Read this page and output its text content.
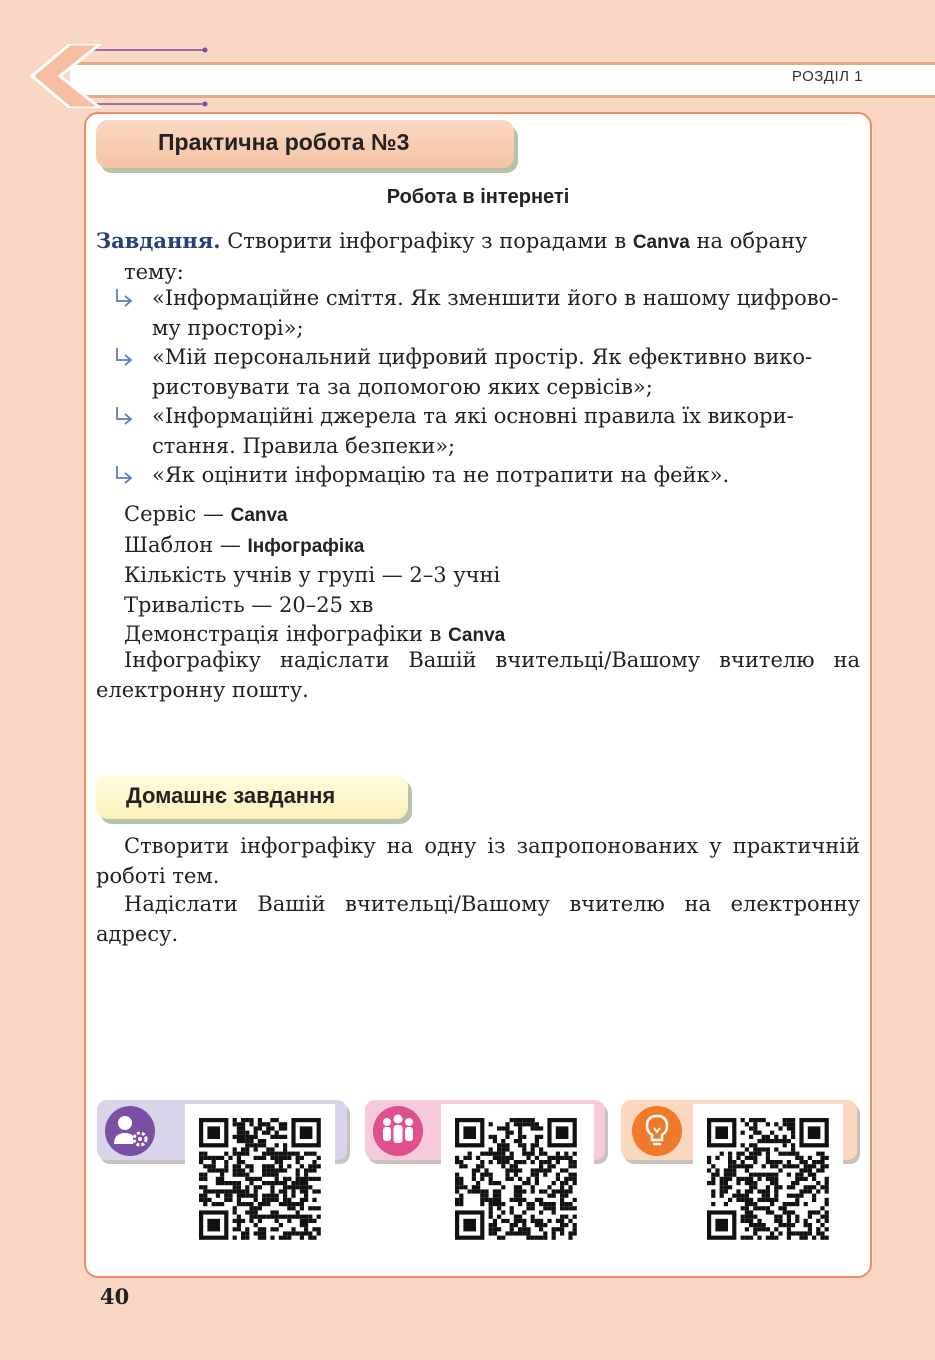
РОЗДІЛ 1
Практична робота №3
Робота в інтернеті
Завдання. Створити інфографіку з порадами в Canva на обрану
тему:
«Інформаційне сміття. Як зменшити його в нашому цифрово-
му просторі»;
«Мій персональний цифровий простір. Як ефективно вико-
ристовувати та за допомогою яких сервісів»;
«Інформаційні джерела та які основні правила їх викори-
стання. Правила безпеки»;
«Як оцінити інформацію та не потрапити на фейк».
Сервіс — Canva
Шаблон — Інфографіка
Кількість учнів у групі — 2–3 учні
Тривалість — 20–25 хв
Демонстрація інфографіки в Canva
Інфографіку надіслати Вашій вчительці/Вашому вчителю на електронну пошту.
Домашнє завдання
Створити інфографіку на одну із запропонованих у практичній роботі тем.
Надіслати Вашій вчительці/Вашому вчителю на електронну адресу.
40
